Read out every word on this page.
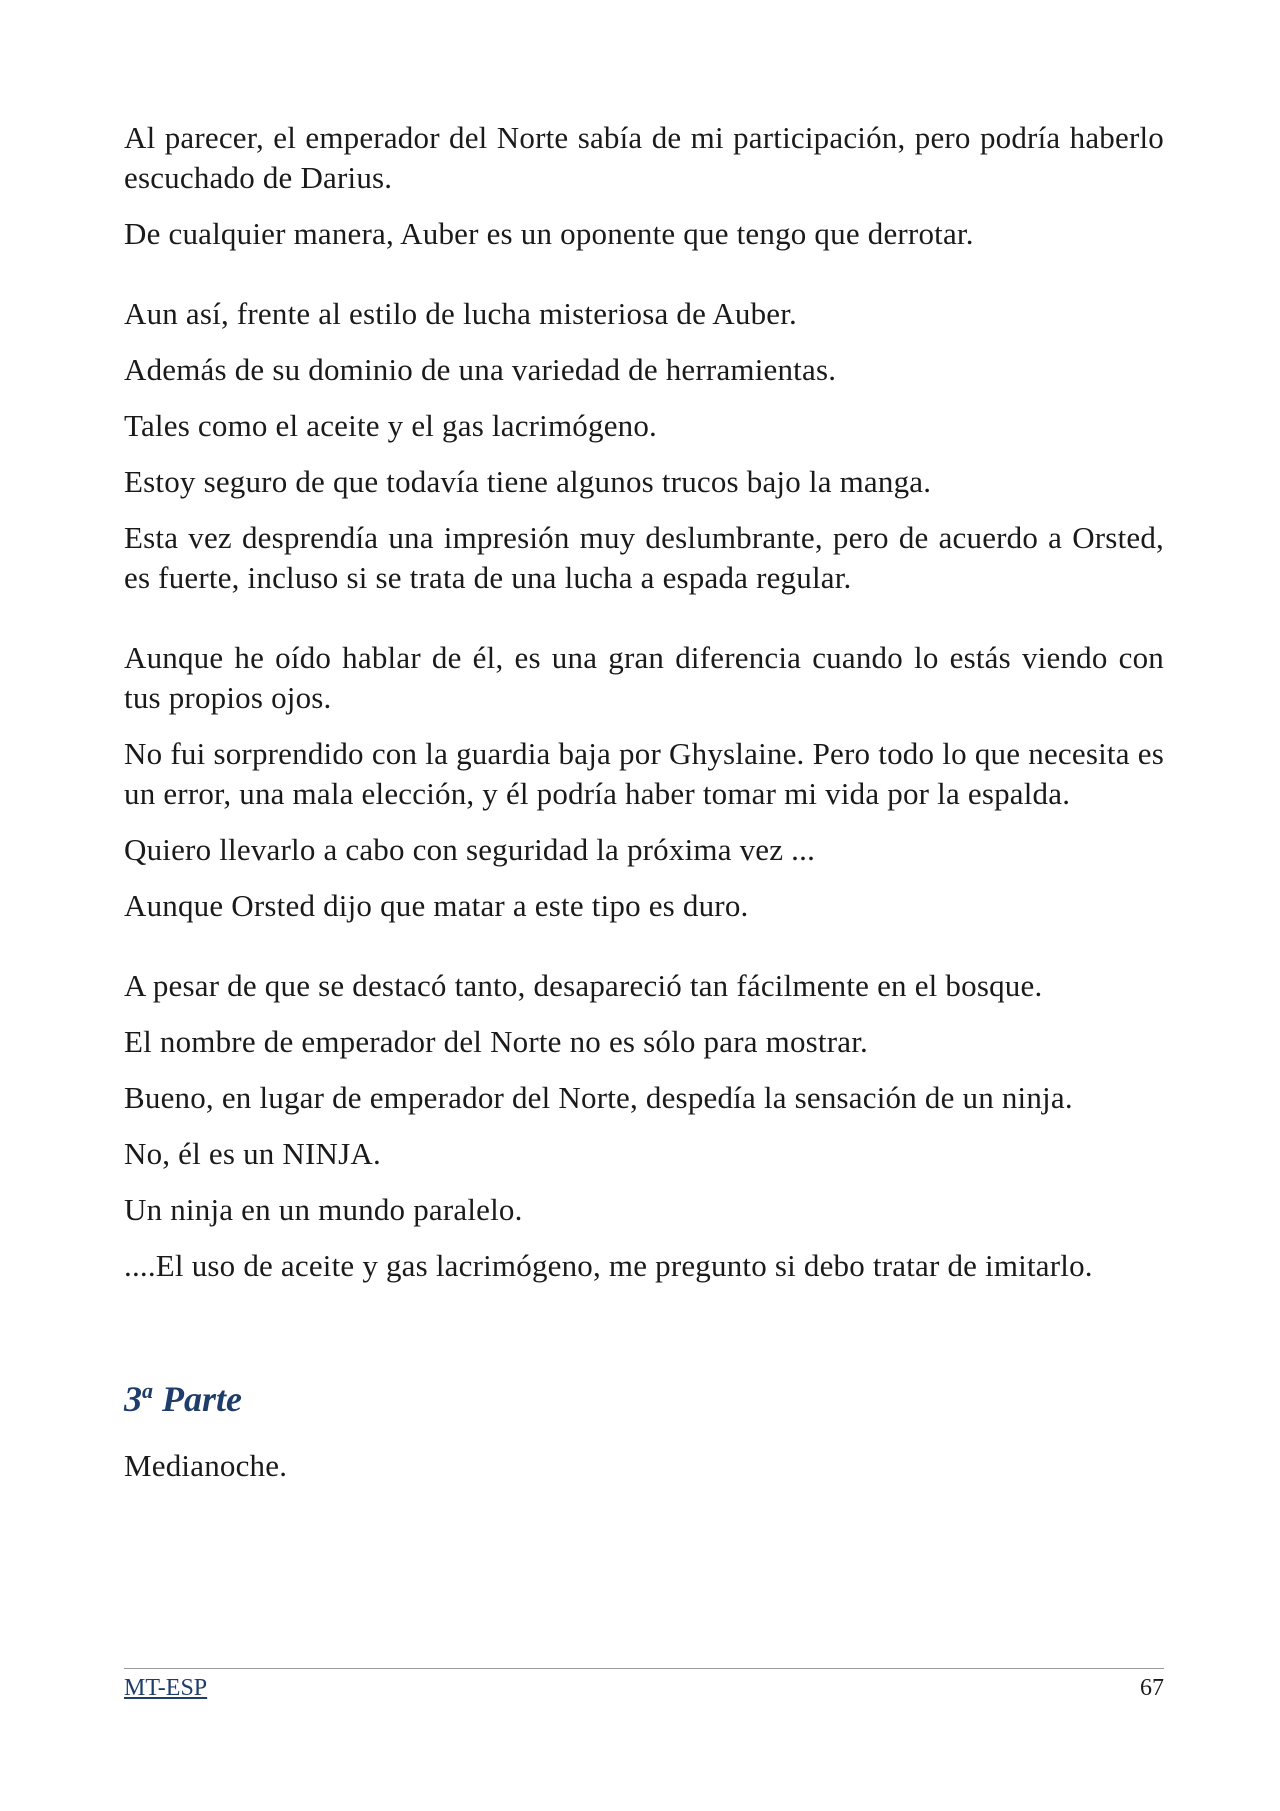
Al parecer, el emperador del Norte sabía de mi participación, pero podría haberlo escuchado de Darius.

De cualquier manera, Auber es un oponente que tengo que derrotar.

Aun así, frente al estilo de lucha misteriosa de Auber.

Además de su dominio de una variedad de herramientas.

Tales como el aceite y el gas lacrimógeno.

Estoy seguro de que todavía tiene algunos trucos bajo la manga.

Esta vez desprendía una impresión muy deslumbrante, pero de acuerdo a Orsted, es fuerte, incluso si se trata de una lucha a espada regular.

Aunque he oído hablar de él, es una gran diferencia cuando lo estás viendo con tus propios ojos.

No fui sorprendido con la guardia baja por Ghyslaine. Pero todo lo que necesita es un error, una mala elección, y él podría haber tomar mi vida por la espalda.

Quiero llevarlo a cabo con seguridad la próxima vez ...

Aunque Orsted dijo que matar a este tipo es duro.

A pesar de que se destacó tanto, desapareció tan fácilmente en el bosque.

El nombre de emperador del Norte no es sólo para mostrar.

Bueno, en lugar de emperador del Norte, despedía la sensación de un ninja.

No, él es un NINJA.

Un ninja en un mundo paralelo.

....El uso de aceite y gas lacrimógeno, me pregunto si debo tratar de imitarlo.

3$^a$ Parte

Medianoche.

MT-ESP	67
